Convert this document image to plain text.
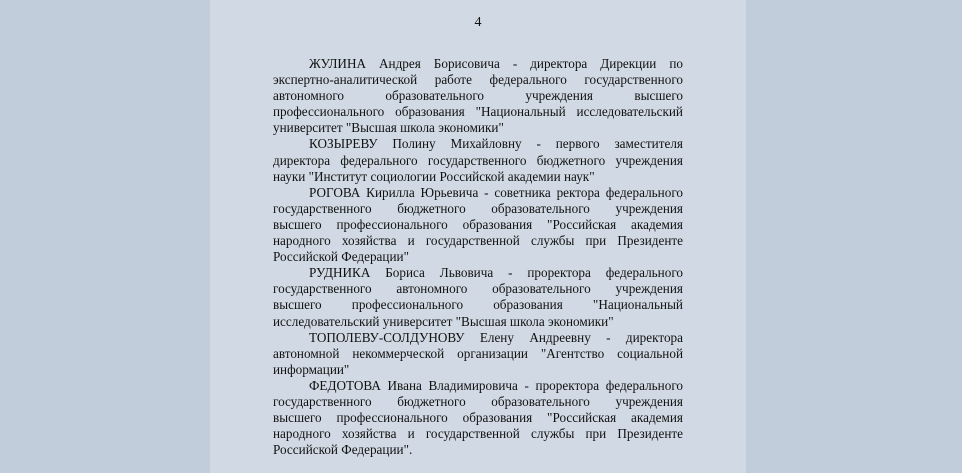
4

ЖУЛИНА Андрея Борисовича - директора Дирекции по
экспертно-аналитической работе федерального государственного
автономного образовательного учреждения высшего
профессионального образования "Национальный исследовательский
университет "Высшая школа экономики"

КОЗЫРЕВУ Полину Михайловну - первого заместителя
директора федерального государственного бюджетного учреждения
науки "Институт социологии Российской академии наук"

РОГОВА Кирилла Юрьевича - советника ректора федерального
государственного бюджетного образовательного учреждения
высшего профессионального образования "Российская академия
народного хозяйства и государственной службы при Президенте
Российской Федерации"

РУДНИКА Бориса Львовича - проректора федерального
государственного автономного образовательного учреждения
высшего профессионального образования "Национальный
исследовательский университет "Высшая школа экономики"

ТОПОЛЕВУ-СОЛДУНОВУ Елену Андреевну - директора
автономной некоммерческой организации "Агентство социальной
информации"

ФЕДОТОВА Ивана Владимировича - проректора федерального
государственного бюджетного образовательного учреждения
высшего профессионального образования "Российская академия
народного хозяйства и государственной службы при Президенте
Российской Федерации".
